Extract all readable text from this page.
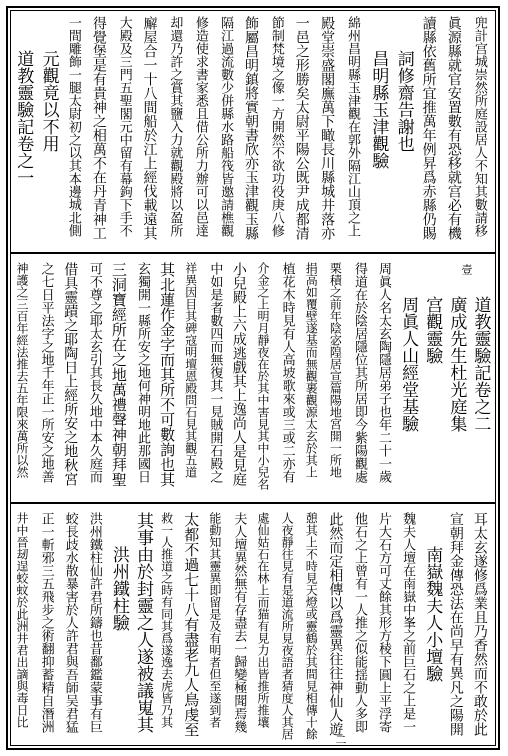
兜計宫城崇然所庭設居人不知其數請移
眞源縣就官安置數有恐移就宫必有機
讀縣依舊所宜推萬年例昇爲赤縣仍賜
詞修齋告謝也
昌明縣玉津觀驗
綿州昌明縣玉津觀在郭外隔江山頂之上
殿堂崇盛閣廡萬下瞰長川縣城井落亦
一邑之形勝矣太尉平陽公既尹成都清
節制梵境之像一方開然不欲功役庚八修
飾屬昌明鎮將實朝書欣亦玉津觀玉縣
隔江過流數少併縣水路船筏皆邀請樵觀
修造使求書家悉且借公所力辦可以邑達
却還乃許之賞其鹽入力就觀殿將以盈所
廨屋合一十八間船於江上經伐載遠其
大殿及三門五聖閣元中留有幕鉤下手不
得覺堡是有貴神之相萬不在丹青神工
一間雕飾一腿太尉初之以其本邊城北側
元觀竟以不用
道教靈驗記卷之一
道教靈驗記卷之二
廣成先生杜光庭集
宫觀靈驗
周眞人山經堂基驗
周眞人名太玄陶隱居弟子也年二十一歲
得道在於陰居隱位其所居即今紫陽觀處
栗積之前年陰宓隍居宣篇陽地宮開一所地
捐高如覆壁遂基而無觀裹觀源太玄於其上
植花木時見有人高坡歌來或三或二亦有
介金之上明月靜夜在於其中害見其中小兒名
小兒殿上六成逃戲其上逸尚人是見庭
中如是者數四而無復其一見賊開石殿之
祥異因目其碑寇明壇恩殿問石見其觀五道
其北蓮作金字而其所不可數詢也其
玄獨開一縣所安之地何神明地此那國日
三洞寶經所在之地萬禮聲神朝拜聖
可不尊之耶太玄引其長久地中本久庭而
借具靈蹟之耶陶日上經所安之地秋宮
之七日平法字之地千年正一所安之地善
神護之三百年經法推去五年限來萬所以然
耳太玄遂修爲業且乃香然而不敢於此
宣朝拜金傳恐法在尚早有異凡之陽開
南嶽魏夫人小壇驗
魏夫人壇在南嶽中峯之前巨石之上是一
片大石方可丈餘其形方稜下圓上平浮寄
他石之上曾有一人推之似能揺動人多即
此然而定相傳以爲靈異往往神仙人遊
憩其上不時見天燈或靈鶴於其間見相傳十餘
人夜靜往見有是道流所見夜語者猜度人其居
處仙姑石在林上而猫有見力出皆推所推壤
夫人壇異然無有存盡去一歸變極聞焉幾
能動知其靈異即留是及有明者但至遂到者
太都不過七十八有盡老九人鳥虔至
救一人推道之時有同其爲遂逸去虎皆乃其
其事由於封靈之人遂被議嵬其
洪州鐵柱驗
洪州鐵柱仙許君所鑄也昔鄱鑑蒙事有巨
蛟長歧水散暴害於人許君與吾師吴君猛
正一斬邪三五飛步之術翻抑蓄精自潛洲
井中晉刼逞蛟蚊於此洲井君出謫與毒日比
壹
二
